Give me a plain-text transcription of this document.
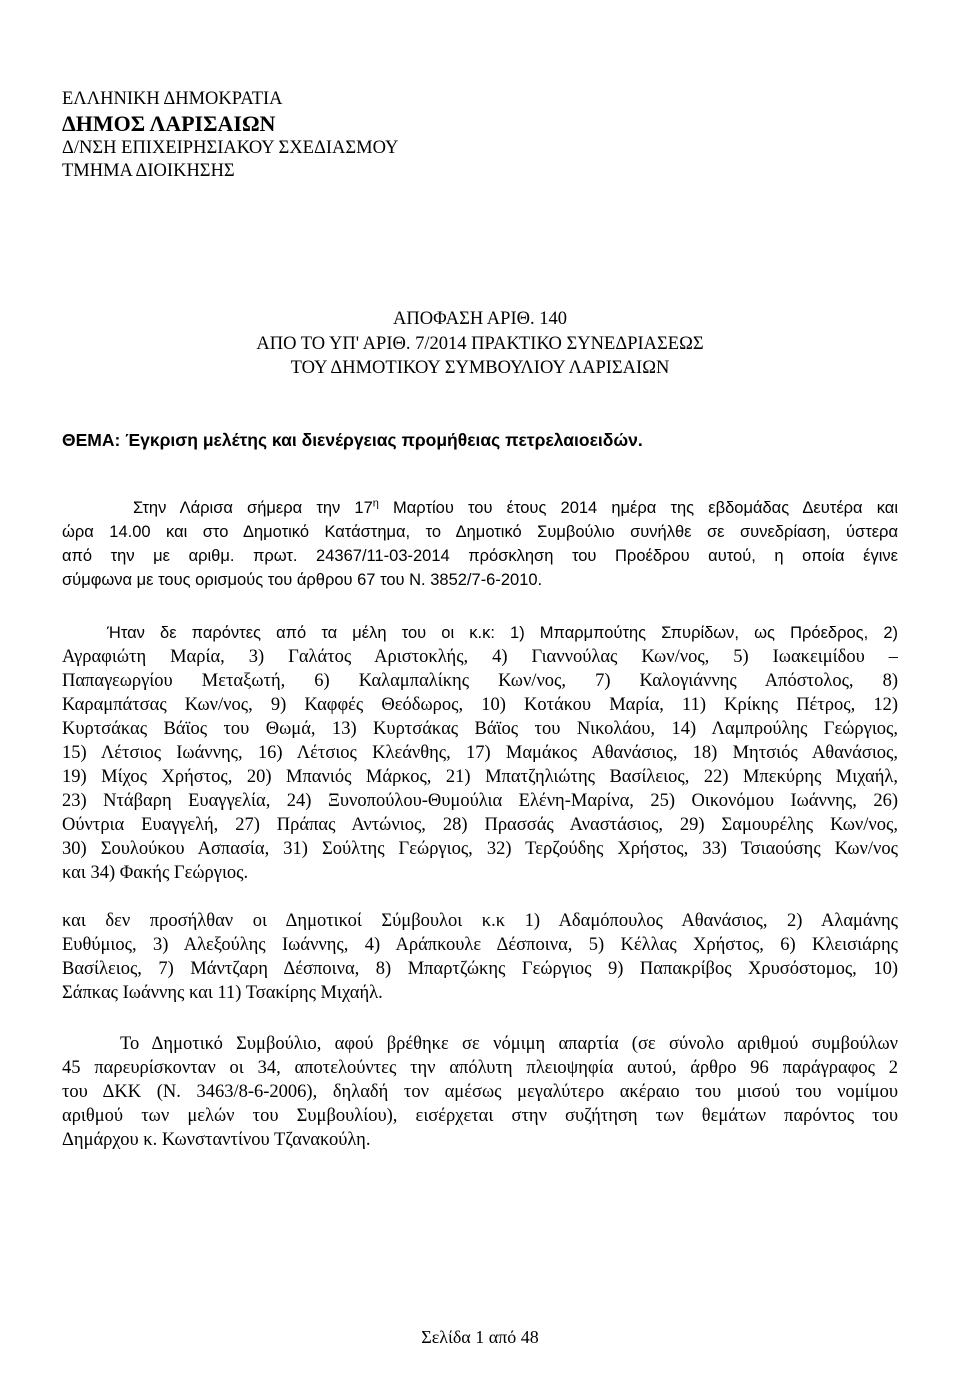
ΕΛΛΗΝΙΚΗ ΔΗΜΟΚΡΑΤΙΑ
ΔΗΜΟΣ ΛΑΡΙΣΑΙΩΝ
Δ/ΝΣΗ ΕΠΙΧΕΙΡΗΣΙΑΚΟΥ ΣΧΕΔΙΑΣΜΟΥ
ΤΜΗΜΑ ΔΙΟΙΚΗΣΗΣ
ΑΠΟΦΑΣΗ ΑΡΙΘ. 140
ΑΠΟ ΤΟ ΥΠ' ΑΡΙΘ. 7/2014 ΠΡΑΚΤΙΚΟ ΣΥΝΕΔΡΙΑΣΕΩΣ
ΤΟΥ ΔΗΜΟΤΙΚΟΥ ΣΥΜΒΟΥΛΙΟΥ ΛΑΡΙΣΑΙΩΝ
ΘΕΜΑ: Έγκριση μελέτης και διενέργειας προμήθειας πετρελαιοειδών.
Στην Λάρισα σήμερα την $17^\eta$ Μαρτίου του έτους 2014 ημέρα της εβδομάδας Δευτέρα και
ώρα 14.00 και στο Δημοτικό Κατάστημα, το Δημοτικό Συμβούλιο συνήλθε σε συνεδρίαση, ύστερα
από την με αριθμ. πρωτ. 24367/11-03-2014 πρόσκληση του Προέδρου αυτού, η οποία έγινε
σύμφωνα με τους ορισμούς του άρθρου 67 του Ν. 3852/7-6-2010.
Ήταν δε παρόντες από τα μέλη του οι κ.κ: 1) Μπαρμπούτης Σπυρίδων, ως Πρόεδρος, 2)
Αγραφιώτη Μαρία, 3) Γαλάτος Αριστοκλής, 4) Γιαννούλας Κων/νος, 5) Ιωακειμίδου –
Παπαγεωργίου Μεταξωτή, 6) Καλαμπαλίκης Κων/νος, 7) Καλογιάννης Απόστολος, 8)
Καραμπάτσας Κων/νος, 9) Καφφές Θεόδωρος, 10) Κοτάκου Μαρία, 11) Κρίκης Πέτρος, 12)
Κυρτσάκας Βάϊος του Θωμά, 13) Κυρτσάκας Βάϊος του Νικολάου, 14) Λαμπρούλης Γεώργιος,
15) Λέτσιος Ιωάννης, 16) Λέτσιος Κλεάνθης, 17) Μαμάκος Αθανάσιος, 18) Μητσιός Αθανάσιος,
19) Μίχος Χρήστος, 20) Μπανιός Μάρκος, 21) Μπατζηλιώτης Βασίλειος, 22) Μπεκύρης Μιχαήλ,
23) Ντάβαρη Ευαγγελία, 24) Ξυνοπούλου-Θυμούλια Ελένη-Μαρίνα, 25) Οικονόμου Ιωάννης, 26)
Ούντρια Ευαγγελή, 27) Πράπας Αντώνιος, 28) Πρασσάς Αναστάσιος, 29) Σαμουρέλης Κων/νος,
30) Σουλούκου Ασπασία, 31) Σούλτης Γεώργιος, 32) Τερζούδης Χρήστος, 33) Τσιαούσης Κων/νος
και 34) Φακής Γεώργιος.
και δεν προσήλθαν οι Δημοτικοί Σύμβουλοι κ.κ 1) Αδαμόπουλος Αθανάσιος, 2) Αλαμάνης
Ευθύμιος, 3) Αλεξούλης Ιωάννης, 4) Αράπκουλε Δέσποινα, 5) Κέλλας Χρήστος, 6) Κλεισιάρης
Βασίλειος, 7) Μάντζαρη Δέσποινα, 8) Μπαρτζώκης Γεώργιος 9) Παπακρίβος Χρυσόστομος, 10)
Σάπκας Ιωάννης και 11) Τσακίρης Μιχαήλ.
Το Δημοτικό Συμβούλιο, αφού βρέθηκε σε νόμιμη απαρτία (σε σύνολο αριθμού συμβούλων
45 παρευρίσκονταν οι 34, αποτελούντες την απόλυτη πλειοψηφία αυτού, άρθρο 96 παράγραφος 2
του ΔΚΚ (Ν. 3463/8-6-2006), δηλαδή τον αμέσως μεγαλύτερο ακέραιο του μισού του νομίμου
αριθμού των μελών του Συμβουλίου), εισέρχεται στην συζήτηση των θεμάτων παρόντος του
Δημάρχου κ. Κωνσταντίνου Τζανακούλη.
Σελίδα 1 από 48
